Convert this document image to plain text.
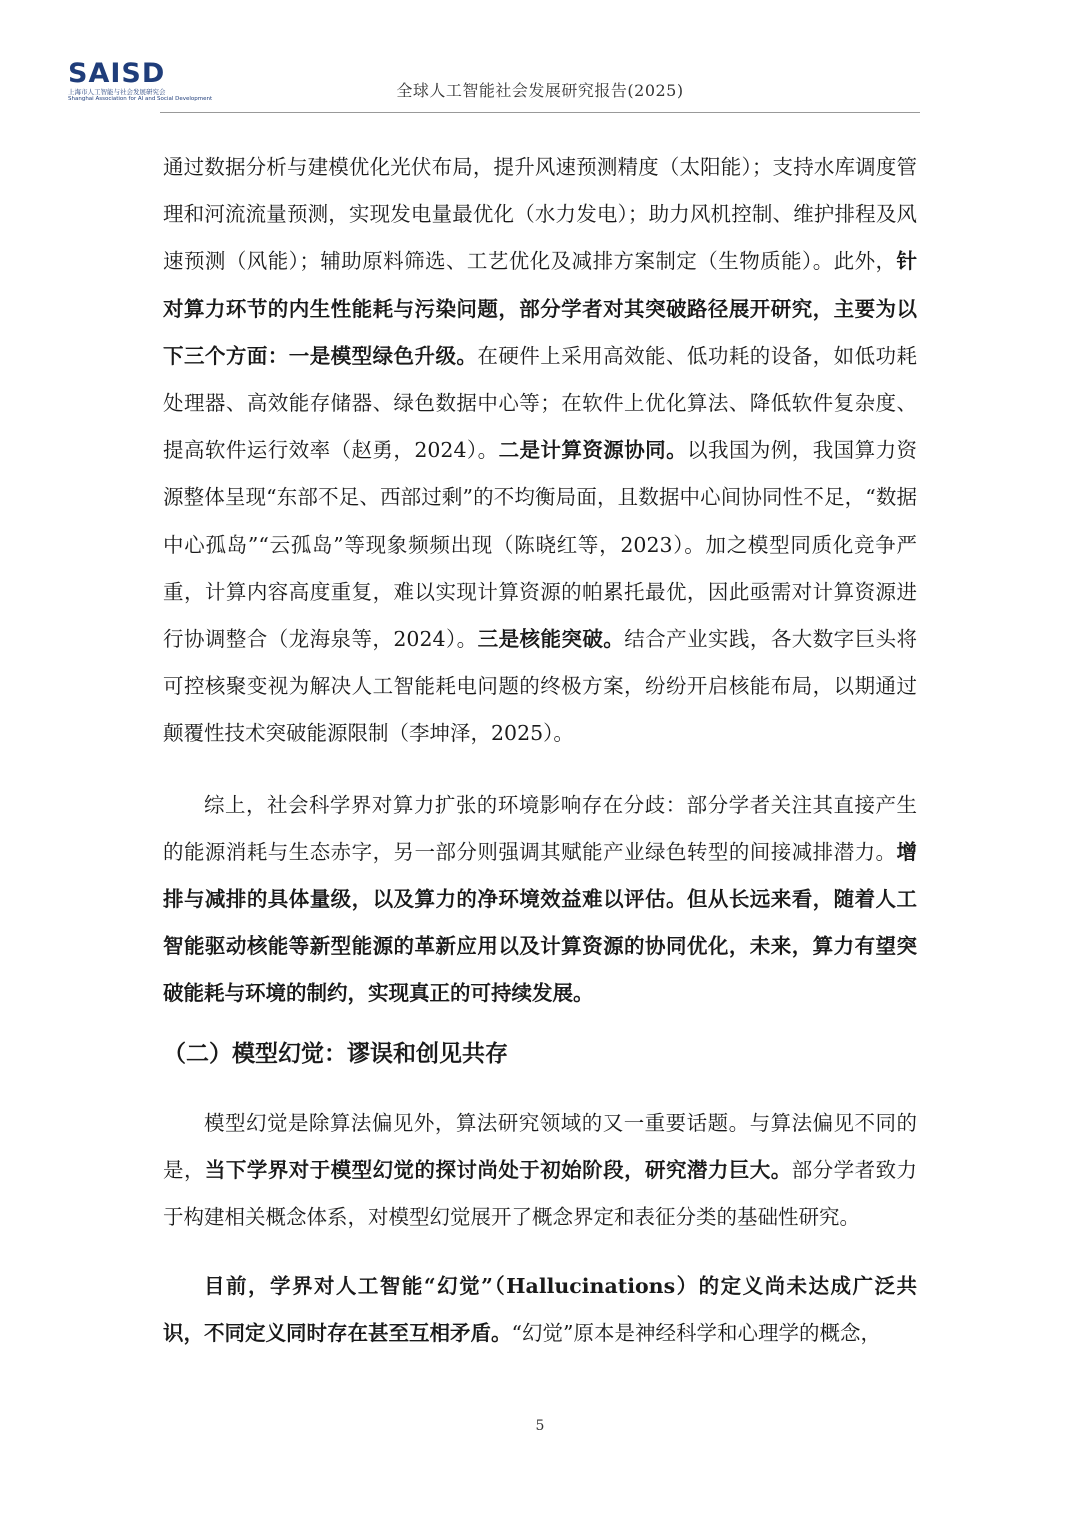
SAISD
上海市人工智能与社会发展研究会
Shanghai Association for AI and Social Development	全球人工智能社会发展研究报告(2025)

通过数据分析与建模优化光伏布局，提升风速预测精度（太阳能）；支持水库调度管理和河流流量预测，实现发电量最优化（水力发电）；助力风机控制、维护排程及风速预测（风能）；辅助原料筛选、工艺优化及减排方案制定（生物质能）。此外，针对算力环节的内生性能耗与污染问题，部分学者对其突破路径展开研究，主要为以下三个方面：一是模型绿色升级。在硬件上采用高效能、低功耗的设备，如低功耗处理器、高效能存储器、绿色数据中心等；在软件上优化算法、降低软件复杂度、提高软件运行效率（赵勇，2024）。二是计算资源协同。以我国为例，我国算力资源整体呈现“东部不足、西部过剩”的不均衡局面，且数据中心间协同性不足，“数据中心孤岛”“云孤岛”等现象频频出现（陈晓红等，2023）。加之模型同质化竞争严重，计算内容高度重复，难以实现计算资源的帕累托最优，因此亟需对计算资源进行协调整合（龙海泉等，2024）。三是核能突破。结合产业实践，各大数字巨头将可控核聚变视为解决人工智能耗电问题的终极方案，纷纷开启核能布局，以期通过颠覆性技术突破能源限制（李坤泽，2025）。

综上，社会科学界对算力扩张的环境影响存在分歧：部分学者关注其直接产生的能源消耗与生态赤字，另一部分则强调其赋能产业绿色转型的间接减排潜力。增排与减排的具体量级，以及算力的净环境效益难以评估。但从长远来看，随着人工智能驱动核能等新型能源的革新应用以及计算资源的协同优化，未来，算力有望突破能耗与环境的制约，实现真正的可持续发展。

（二）模型幻觉：谬误和创见共存

模型幻觉是除算法偏见外，算法研究领域的又一重要话题。与算法偏见不同的是，当下学界对于模型幻觉的探讨尚处于初始阶段，研究潜力巨大。部分学者致力于构建相关概念体系，对模型幻觉展开了概念界定和表征分类的基础性研究。

目前，学界对人工智能“幻觉”（Hallucinations）的定义尚未达成广泛共识，不同定义同时存在甚至互相矛盾。“幻觉”原本是神经科学和心理学的概念，

5
